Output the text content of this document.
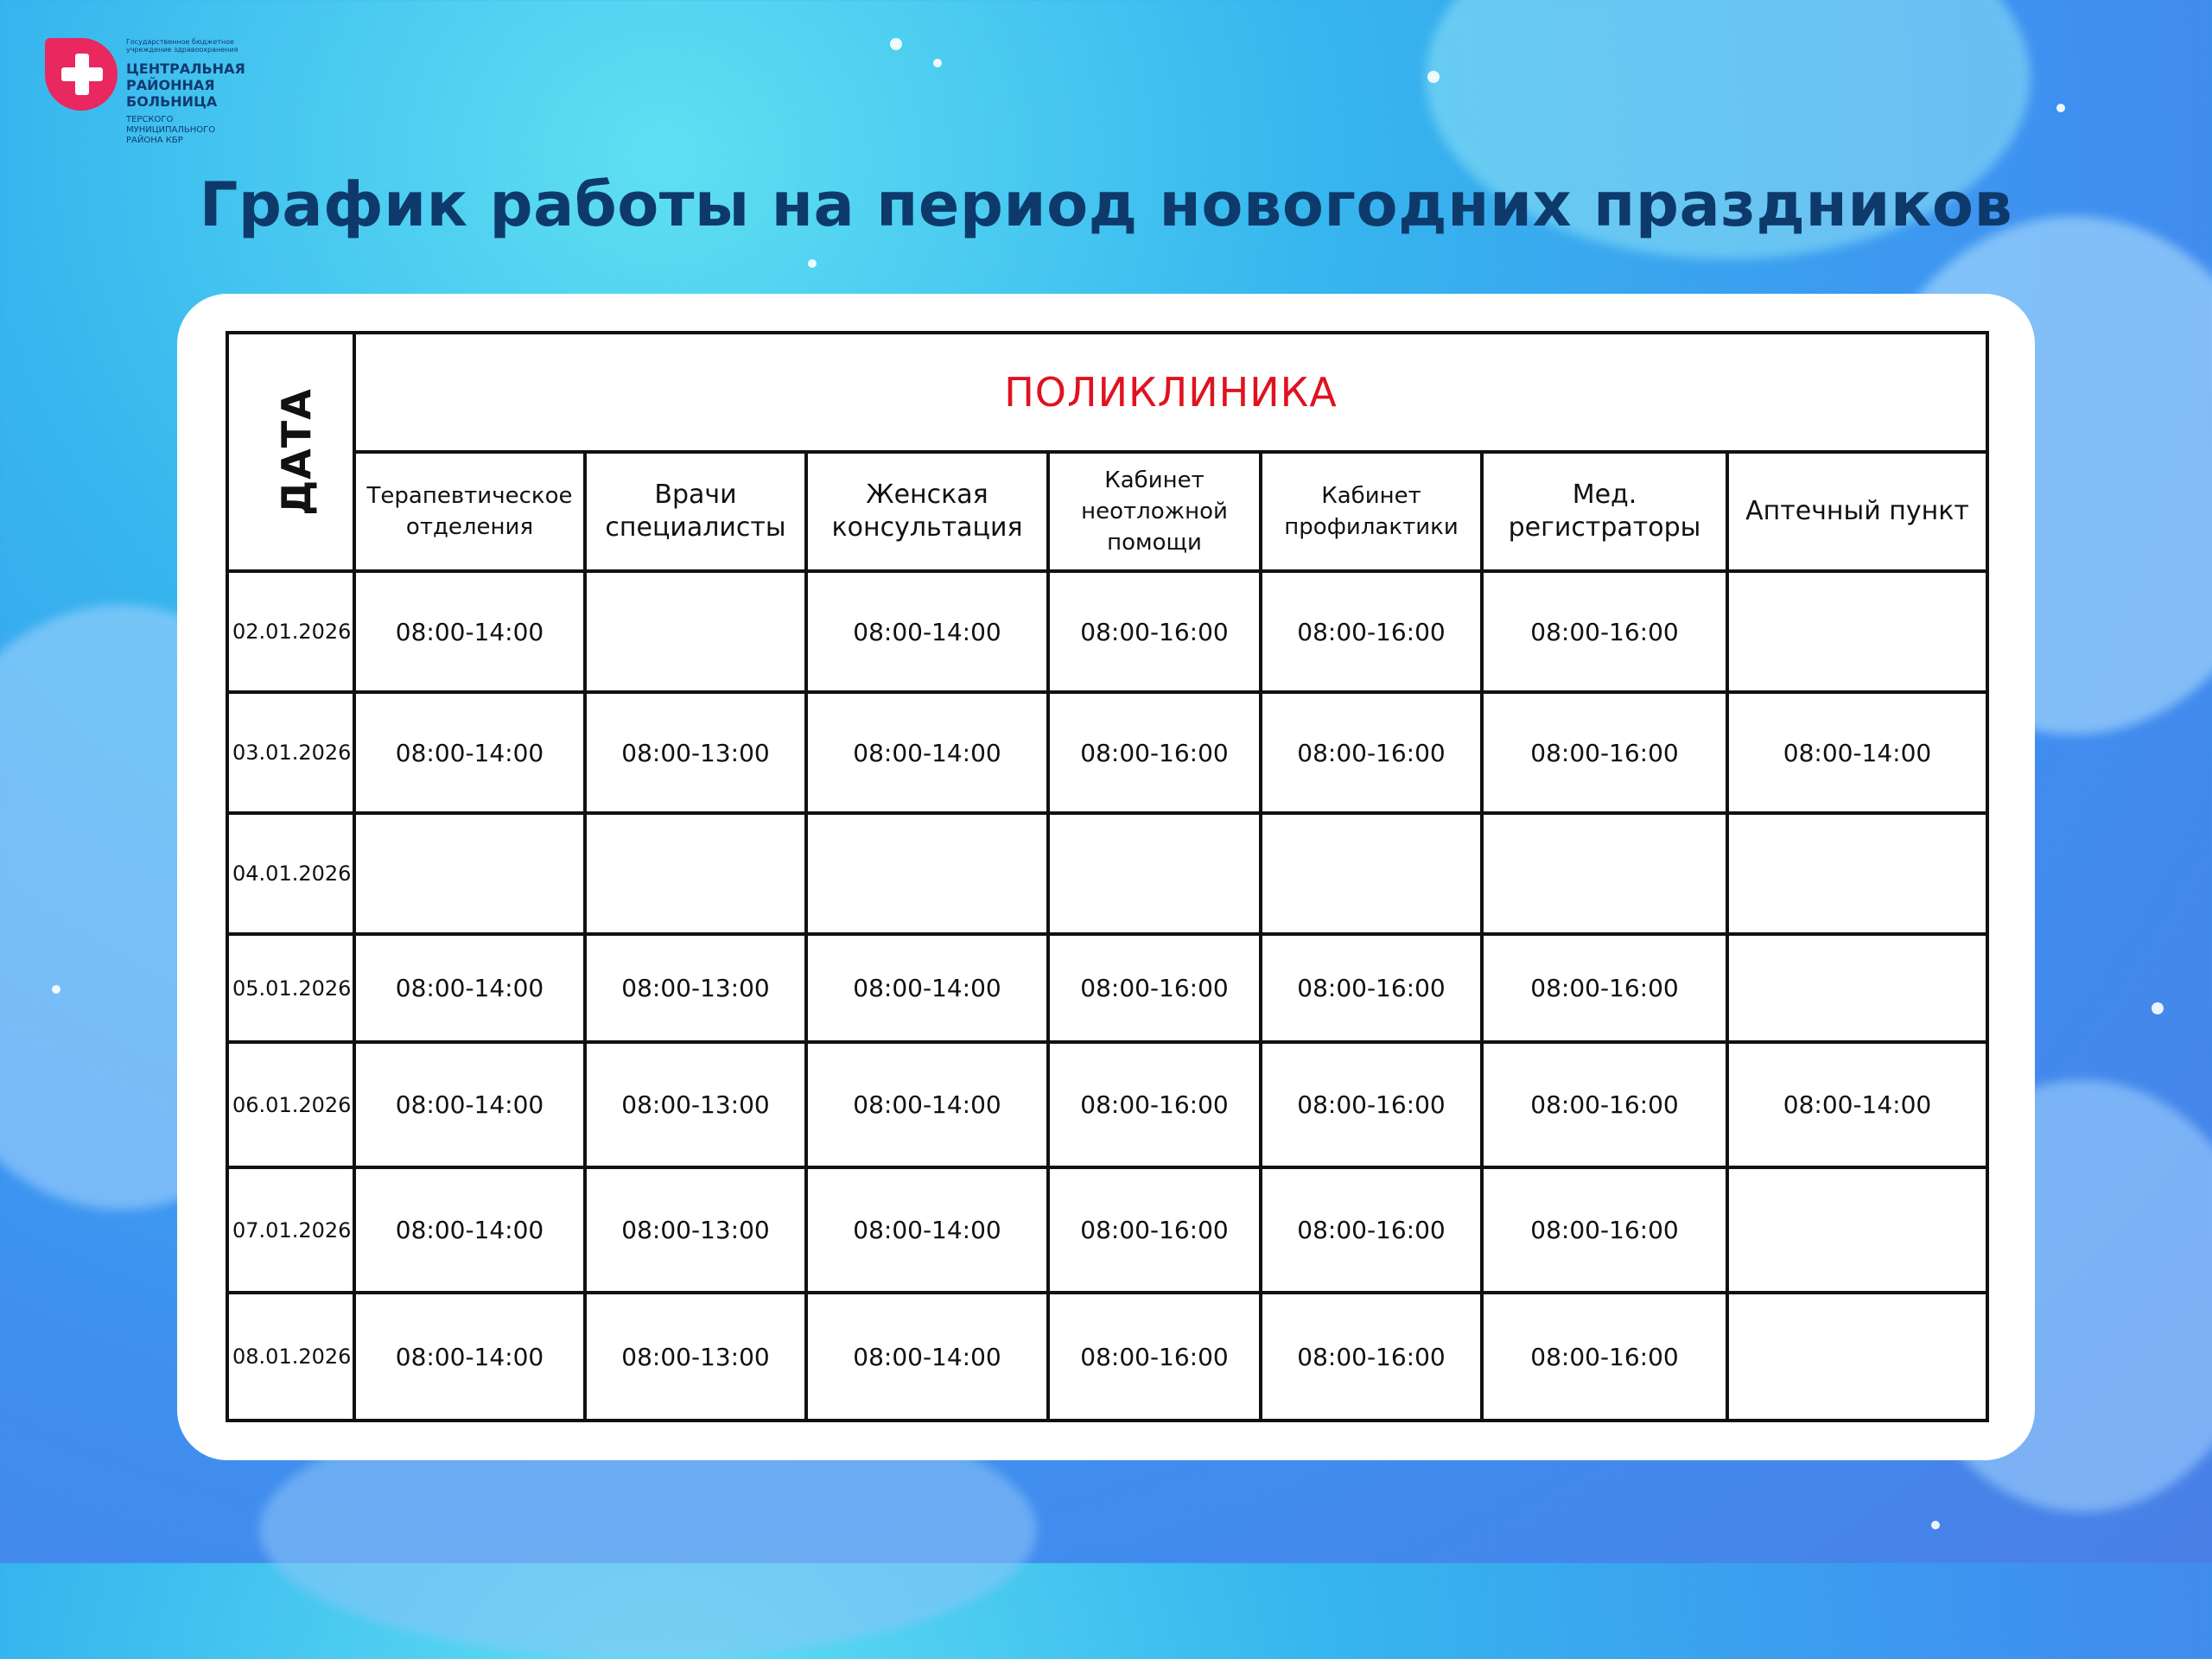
Государственное бюджетное учреждение здравоохранения
ЦЕНТРАЛЬНАЯ
РАЙОННАЯ
БОЛЬНИЦА
ТЕРСКОГО
МУНИЦИПАЛЬНОГО
РАЙОНА КБР
График работы на период новогодних праздников
ДАТА	ПОЛИКЛИНИКА						
	Терапевтическое отделения	Врачи специалисты	Женская консультация	Кабинет неотложной помощи	Кабинет профилактики	Мед. регистраторы	Аптечный пункт
02.01.2026	08:00-14:00		08:00-14:00	08:00-16:00	08:00-16:00	08:00-16:00	
03.01.2026	08:00-14:00	08:00-13:00	08:00-14:00	08:00-16:00	08:00-16:00	08:00-16:00	08:00-14:00
04.01.2026							
05.01.2026	08:00-14:00	08:00-13:00	08:00-14:00	08:00-16:00	08:00-16:00	08:00-16:00	
06.01.2026	08:00-14:00	08:00-13:00	08:00-14:00	08:00-16:00	08:00-16:00	08:00-16:00	08:00-14:00
07.01.2026	08:00-14:00	08:00-13:00	08:00-14:00	08:00-16:00	08:00-16:00	08:00-16:00	
08.01.2026	08:00-14:00	08:00-13:00	08:00-14:00	08:00-16:00	08:00-16:00	08:00-16:00	
